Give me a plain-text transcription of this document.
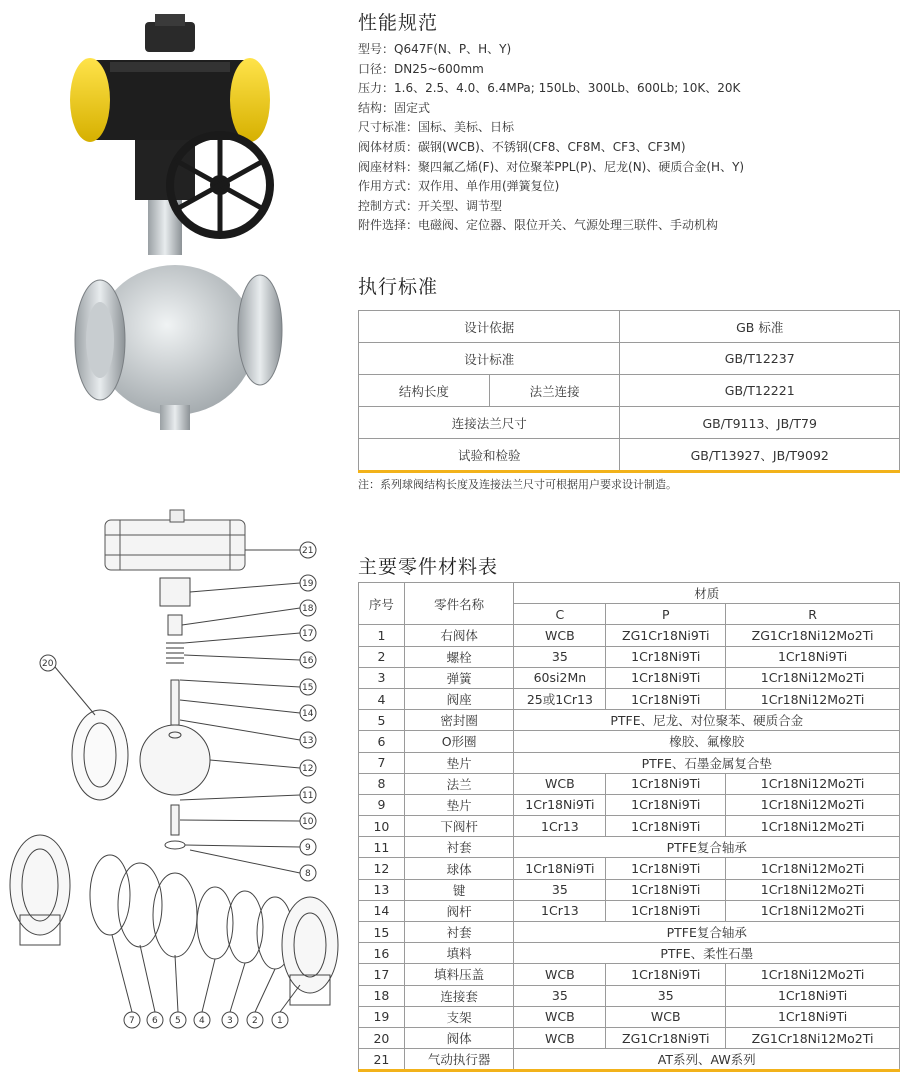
性能规范
型号：Q647F(N、P、H、Y)
口径：DN25~600mm
压力：1.6、2.5、4.0、6.4MPa; 150Lb、300Lb、600Lb; 10K、20K
结构：固定式
尺寸标准：国标、美标、日标
阀体材质：碳钢(WCB)、不锈钢(CF8、CF8M、CF3、CF3M)
阀座材料：聚四氟乙烯(F)、对位聚苯PPL(P)、尼龙(N)、硬质合金(H、Y)
作用方式：双作用、单作用(弹簧复位)
控制方式：开关型、调节型
附件选择：电磁阀、定位器、限位开关、气源处理三联件、手动机构
执行标准
设计依据		GB 标准
设计标准		GB/T12237
结构长度	法兰连接	GB/T12221
连接法兰尺寸		GB/T9113、JB/T79
试验和检验		GB/T13927、JB/T9092
注：系列球阀结构长度及连接法兰尺寸可根据用户要求设计制造。
21
19
18
17
16
15
14
13
12
11
10
9
8
20
7 6 5 4 3 2 1
主要零件材料表
序号	零件名称	材质		
		C	P	R
1	右阀体	WCB	ZG1Cr18Ni9Ti	ZG1Cr18Ni12Mo2Ti
2	螺栓	35	1Cr18Ni9Ti	1Cr18Ni9Ti
3	弹簧	60si2Mn	1Cr18Ni9Ti	1Cr18Ni12Mo2Ti
4	阀座	25或1Cr13	1Cr18Ni9Ti	1Cr18Ni12Mo2Ti
5	密封圈	PTFE、尼龙、对位聚苯、硬质合金		
6	O形圈	橡胶、氟橡胶		
7	垫片	PTFE、石墨金属复合垫		
8	法兰	WCB	1Cr18Ni9Ti	1Cr18Ni12Mo2Ti
9	垫片	1Cr18Ni9Ti	1Cr18Ni9Ti	1Cr18Ni12Mo2Ti
10	下阀杆	1Cr13	1Cr18Ni9Ti	1Cr18Ni12Mo2Ti
11	衬套	PTFE复合轴承		
12	球体	1Cr18Ni9Ti	1Cr18Ni9Ti	1Cr18Ni12Mo2Ti
13	键	35	1Cr18Ni9Ti	1Cr18Ni12Mo2Ti
14	阀杆	1Cr13	1Cr18Ni9Ti	1Cr18Ni12Mo2Ti
15	衬套	PTFE复合轴承		
16	填料	PTFE、柔性石墨		
17	填料压盖	WCB	1Cr18Ni9Ti	1Cr18Ni12Mo2Ti
18	连接套	35	35	1Cr18Ni9Ti
19	支架	WCB	WCB	1Cr18Ni9Ti
20	阀体	WCB	ZG1Cr18Ni9Ti	ZG1Cr18Ni12Mo2Ti
21	气动执行器	AT系列、AW系列		
